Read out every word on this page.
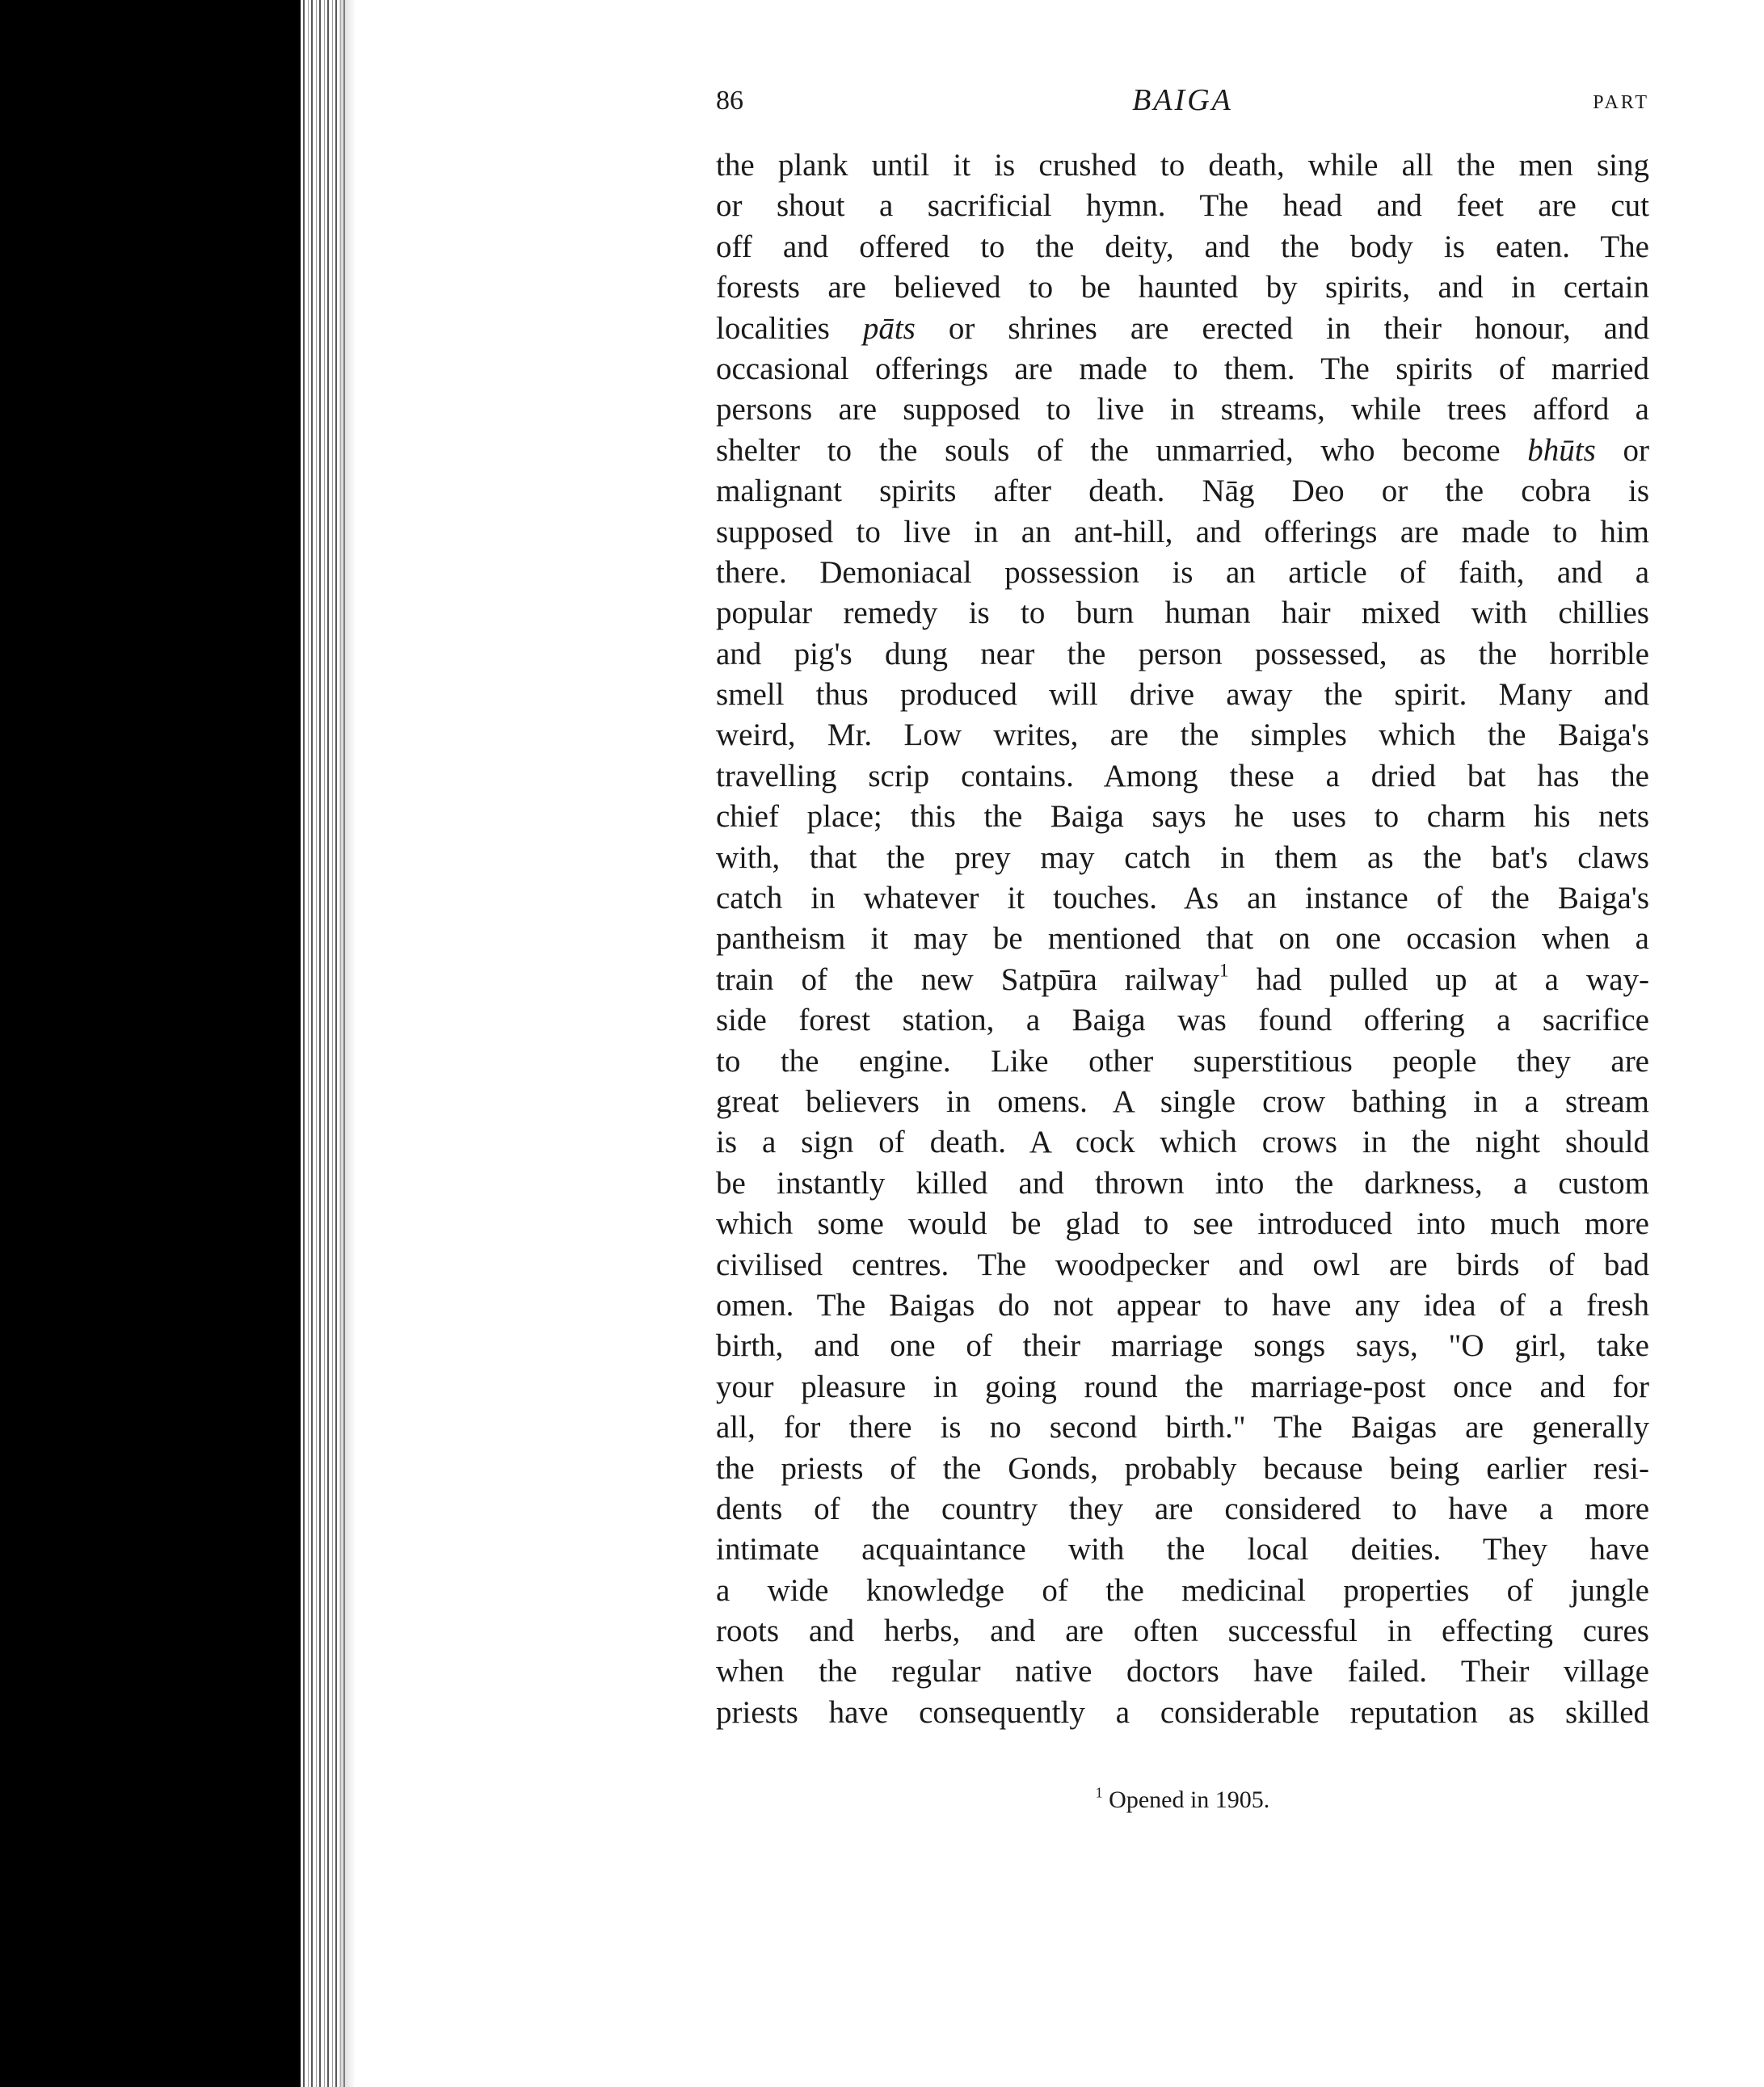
86	BAIGA	PART
the plank until it is crushed to death, while all the men sing
or shout a sacrificial hymn. The head and feet are cut
off and offered to the deity, and the body is eaten. The
forests are believed to be haunted by spirits, and in certain
localities pāts or shrines are erected in their honour, and
occasional offerings are made to them. The spirits of married
persons are supposed to live in streams, while trees afford a
shelter to the souls of the unmarried, who become bhūts or
malignant spirits after death. Nāg Deo or the cobra is
supposed to live in an ant-hill, and offerings are made to him
there. Demoniacal possession is an article of faith, and a
popular remedy is to burn human hair mixed with chillies
and pig's dung near the person possessed, as the horrible
smell thus produced will drive away the spirit. Many and
weird, Mr. Low writes, are the simples which the Baiga's
travelling scrip contains. Among these a dried bat has the
chief place; this the Baiga says he uses to charm his nets
with, that the prey may catch in them as the bat's claws
catch in whatever it touches. As an instance of the Baiga's
pantheism it may be mentioned that on one occasion when a
train of the new Satpūra railway$^1$ had pulled up at a way-
side forest station, a Baiga was found offering a sacrifice
to the engine. Like other superstitious people they are
great believers in omens. A single crow bathing in a stream
is a sign of death. A cock which crows in the night should
be instantly killed and thrown into the darkness, a custom
which some would be glad to see introduced into much more
civilised centres. The woodpecker and owl are birds of bad
omen. The Baigas do not appear to have any idea of a fresh
birth, and one of their marriage songs says, "O girl, take
your pleasure in going round the marriage-post once and for
all, for there is no second birth." The Baigas are generally
the priests of the Gonds, probably because being earlier resi-
dents of the country they are considered to have a more
intimate acquaintance with the local deities. They have
a wide knowledge of the medicinal properties of jungle
roots and herbs, and are often successful in effecting cures
when the regular native doctors have failed. Their village
priests have consequently a considerable reputation as skilled
$^1$ Opened in 1905.
